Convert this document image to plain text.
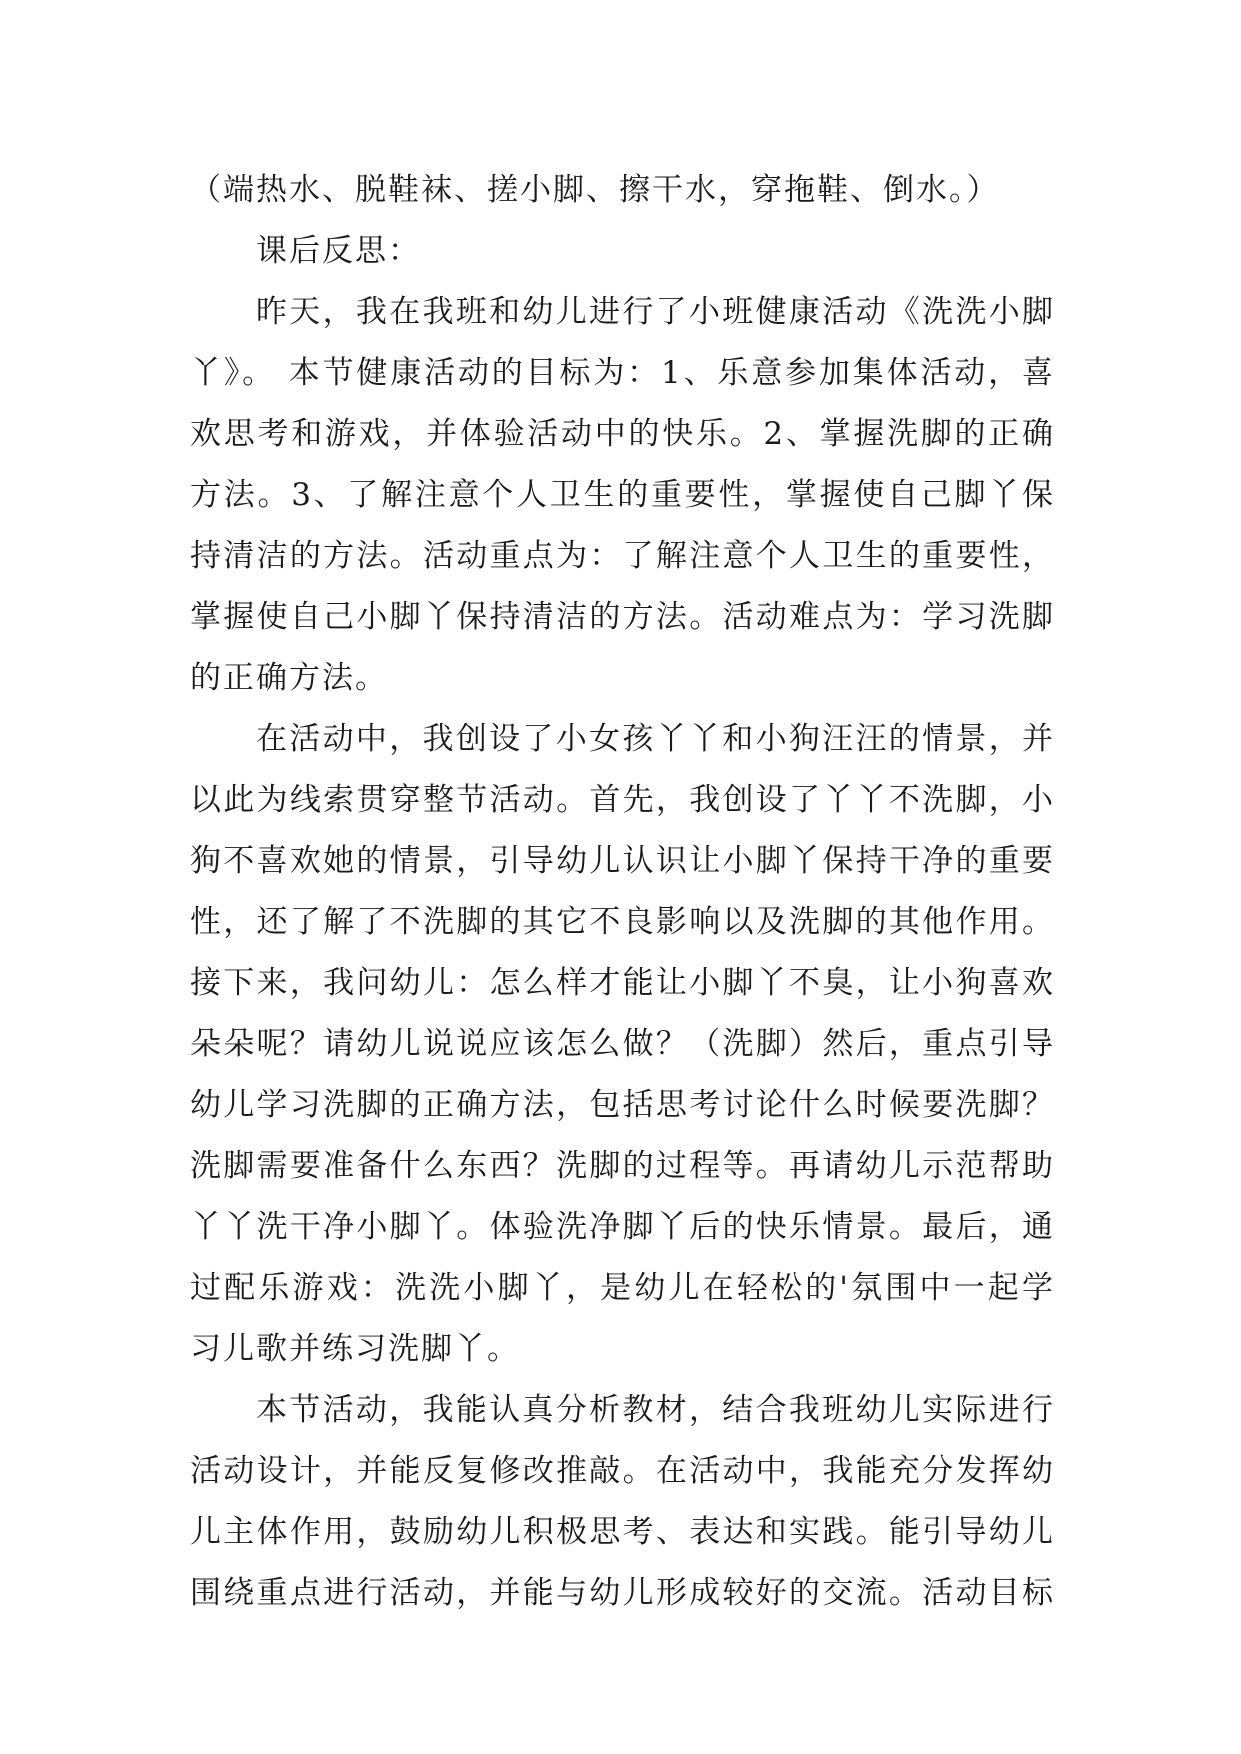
（端热水、脱鞋袜、搓小脚、擦干水，穿拖鞋、倒水。）
课后反思：
昨天，我在我班和幼儿进行了小班健康活动《洗洗小脚
丫》。 本节健康活动的目标为：1、乐意参加集体活动，喜
欢思考和游戏，并体验活动中的快乐。2、掌握洗脚的正确
方法。3、了解注意个人卫生的重要性，掌握使自己脚丫保
持清洁的方法。活动重点为：了解注意个人卫生的重要性，
掌握使自己小脚丫保持清洁的方法。活动难点为：学习洗脚
的正确方法。
在活动中，我创设了小女孩丫丫和小狗汪汪的情景，并
以此为线索贯穿整节活动。首先，我创设了丫丫不洗脚，小
狗不喜欢她的情景，引导幼儿认识让小脚丫保持干净的重要
性，还了解了不洗脚的其它不良影响以及洗脚的其他作用。
接下来，我问幼儿：怎么样才能让小脚丫不臭，让小狗喜欢
朵朵呢？请幼儿说说应该怎么做？（洗脚）然后，重点引导
幼儿学习洗脚的正确方法，包括思考讨论什么时候要洗脚？
洗脚需要准备什么东西？洗脚的过程等。再请幼儿示范帮助
丫丫洗干净小脚丫。体验洗净脚丫后的快乐情景。最后，通
过配乐游戏：洗洗小脚丫，是幼儿在轻松的'氛围中一起学
习儿歌并练习洗脚丫。
本节活动，我能认真分析教材，结合我班幼儿实际进行
活动设计，并能反复修改推敲。在活动中，我能充分发挥幼
儿主体作用，鼓励幼儿积极思考、表达和实践。能引导幼儿
围绕重点进行活动，并能与幼儿形成较好的交流。活动目标
